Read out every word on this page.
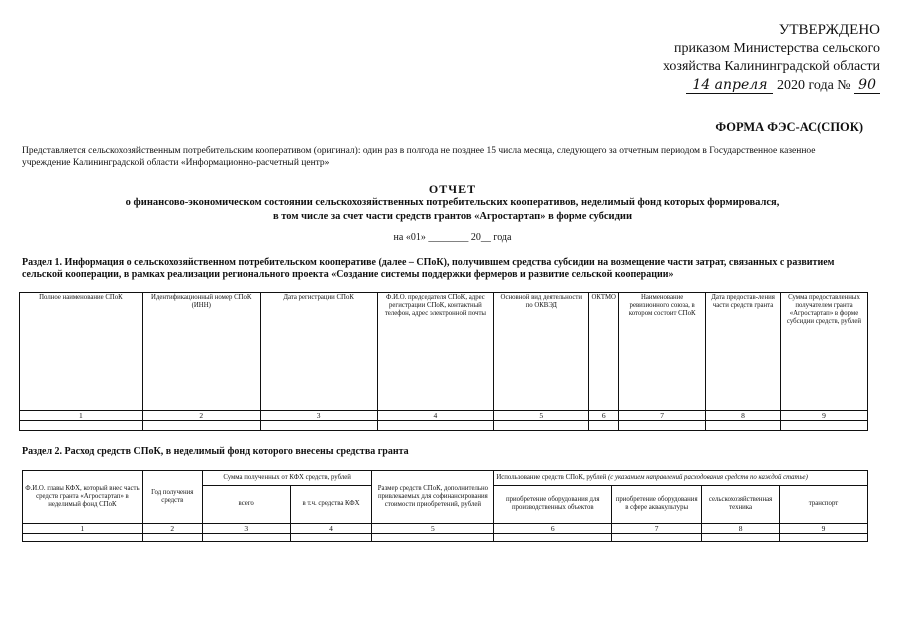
УТВЕРЖДЕНО
приказом Министерства сельского
хозяйства Калининградской области
14 апреля 2020 года № 90
ФОРМА ФЭС-АС(СПОК)
Представляется сельскохозяйственным потребительским кооперативом (оригинал): один раз в полгода не позднее 15 числа месяца, следующего за отчетным периодом в Государственное казенное учреждение Калининградской области «Информационно-расчетный центр»
ОТЧЕТ
о финансово-экономическом состоянии сельскохозяйственных потребительских кооперативов, неделимый фонд которых формировался,
в том числе за счет части средств грантов «Агростартап» в форме субсидии
на «01» ________ 20__ года
Раздел 1. Информация о сельскохозяйственном потребительском кооперативе (далее – СПоК), получившем средства субсидии на возмещение части затрат, связанных с развитием сельской кооперации, в рамках реализации регионального проекта «Создание системы поддержки фермеров и развитие сельской кооперации»
Полное наименование СПоК	Идентификационный номер СПоК (ИНН)	Дата регистрации СПоК	Ф.И.О. председателя СПоК, адрес регистрации СПоК, контактный телефон, адрес электронной почты	Основной вид деятельности по ОКВЭД	ОКТМО	Наименование ревизионного союза, в котором состоит СПоК	Дата предостав-ления части средств гранта	Сумма предоставленных получателем гранта «Агростартап» в форме субсидии средств, рублей
1	2	3	4	5	6	7	8	9

Раздел 2. Расход средств СПоК, в неделимый фонд которого внесены средства гранта
Ф.И.О. главы КФХ, который внес часть средств гранта «Агростартап» в неделимый фонд СПоК	Год получения средств	Сумма полученных от КФХ средств, рублей		Размер средств СПоК, дополнительно привлекаемых для софинансирования стоимости приобретений, рублей	Использование средств СПоК, рублей (с указанием направлений расходования средств по каждой статье)			
		всего	в т.ч. средства КФХ		приобретение оборудования для производственных объектов	приобретение оборудования в сфере аквакультуры	сельскохозяйственная техника	транспорт
1	2	3	4	5	6	7	8	9
